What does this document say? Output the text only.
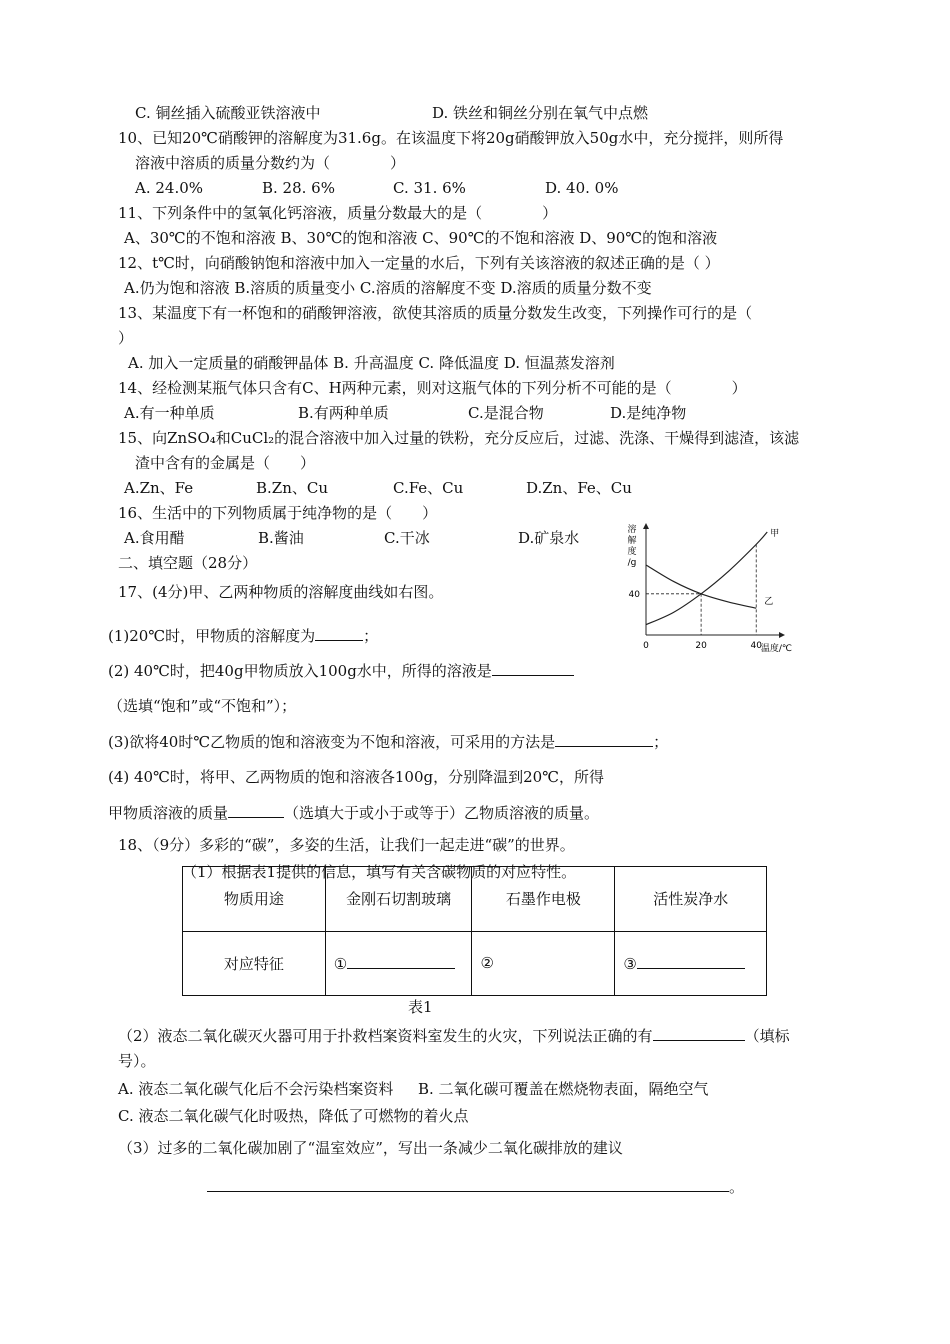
C. 铜丝插入硫酸亚铁溶液中	D. 铁丝和铜丝分别在氧气中点燃
10、已知20℃硝酸钾的溶解度为31.6g。在该温度下将20g硝酸钾放入50g水中，充分搅拌，则所得
溶液中溶质的质量分数约为（　　　　）
A. 24.0%	B. 28. 6%	C. 31. 6%	D. 40. 0%
11、下列条件中的氢氧化钙溶液，质量分数最大的是（　　　　）
A、30℃的不饱和溶液 B、30℃的饱和溶液 C、90℃的不饱和溶液 D、90℃的饱和溶液
12、t℃时，向硝酸钠饱和溶液中加入一定量的水后，下列有关该溶液的叙述正确的是（ ）
A.仍为饱和溶液 B.溶质的质量变小 C.溶质的溶解度不变 D.溶质的质量分数不变
13、某温度下有一杯饱和的硝酸钾溶液，欲使其溶质的质量分数发生改变，下列操作可行的是（
）
A. 加入一定质量的硝酸钾晶体 B. 升高温度 C. 降低温度 D. 恒温蒸发溶剂
14、经检测某瓶气体只含有C、H两种元素，则对这瓶气体的下列分析不可能的是（　　　　）
A.有一种单质	B.有两种单质	C.是混合物	D.是纯净物
15、向ZnSO₄和CuCl₂的混合溶液中加入过量的铁粉，充分反应后，过滤、洗涤、干燥得到滤渣，该滤
渣中含有的金属是（　　）
A.Zn、Fe	B.Zn、Cu	C.Fe、Cu	D.Zn、Fe、Cu
16、生活中的下列物质属于纯净物的是（　　）
A.食用醋	B.酱油	C.干冰	D.矿泉水
二、填空题（28分）
17、(4分)甲、乙两种物质的溶解度曲线如右图。
(1)20℃时，甲物质的溶解度为	；
(2) 40℃时，把40g甲物质放入100g水中，所得的溶液是
（选填“饱和”或“不饱和”）；
(3)欲将40时℃乙物质的饱和溶液变为不饱和溶液，可采用的方法是	；
(4) 40℃时，将甲、乙两物质的饱和溶液各100g，分别降温到20℃，所得
甲物质溶液的质量	（选填大于或小于或等于）乙物质溶液的质量。
溶
解
度
/g
甲
乙
0	20	40
40
温度/℃
18、（9分）多彩的“碳”，多姿的生活，让我们一起走进“碳”的世界。
（1）根据表1提供的信息，填写有关含碳物质的对应特性。
物质用途	金刚石切割玻璃	石墨作电极	活性炭净水
对应特征	①	②	③
表1
（2）液态二氧化碳灭火器可用于扑救档案资料室发生的火灾，下列说法正确的有	（填标
号）。
A. 液态二氧化碳气化后不会污染档案资料 B. 二氧化碳可覆盖在燃烧物表面，隔绝空气
C. 液态二氧化碳气化时吸热，降低了可燃物的着火点
（3）过多的二氧化碳加剧了“温室效应”，写出一条减少二氧化碳排放的建议
。
